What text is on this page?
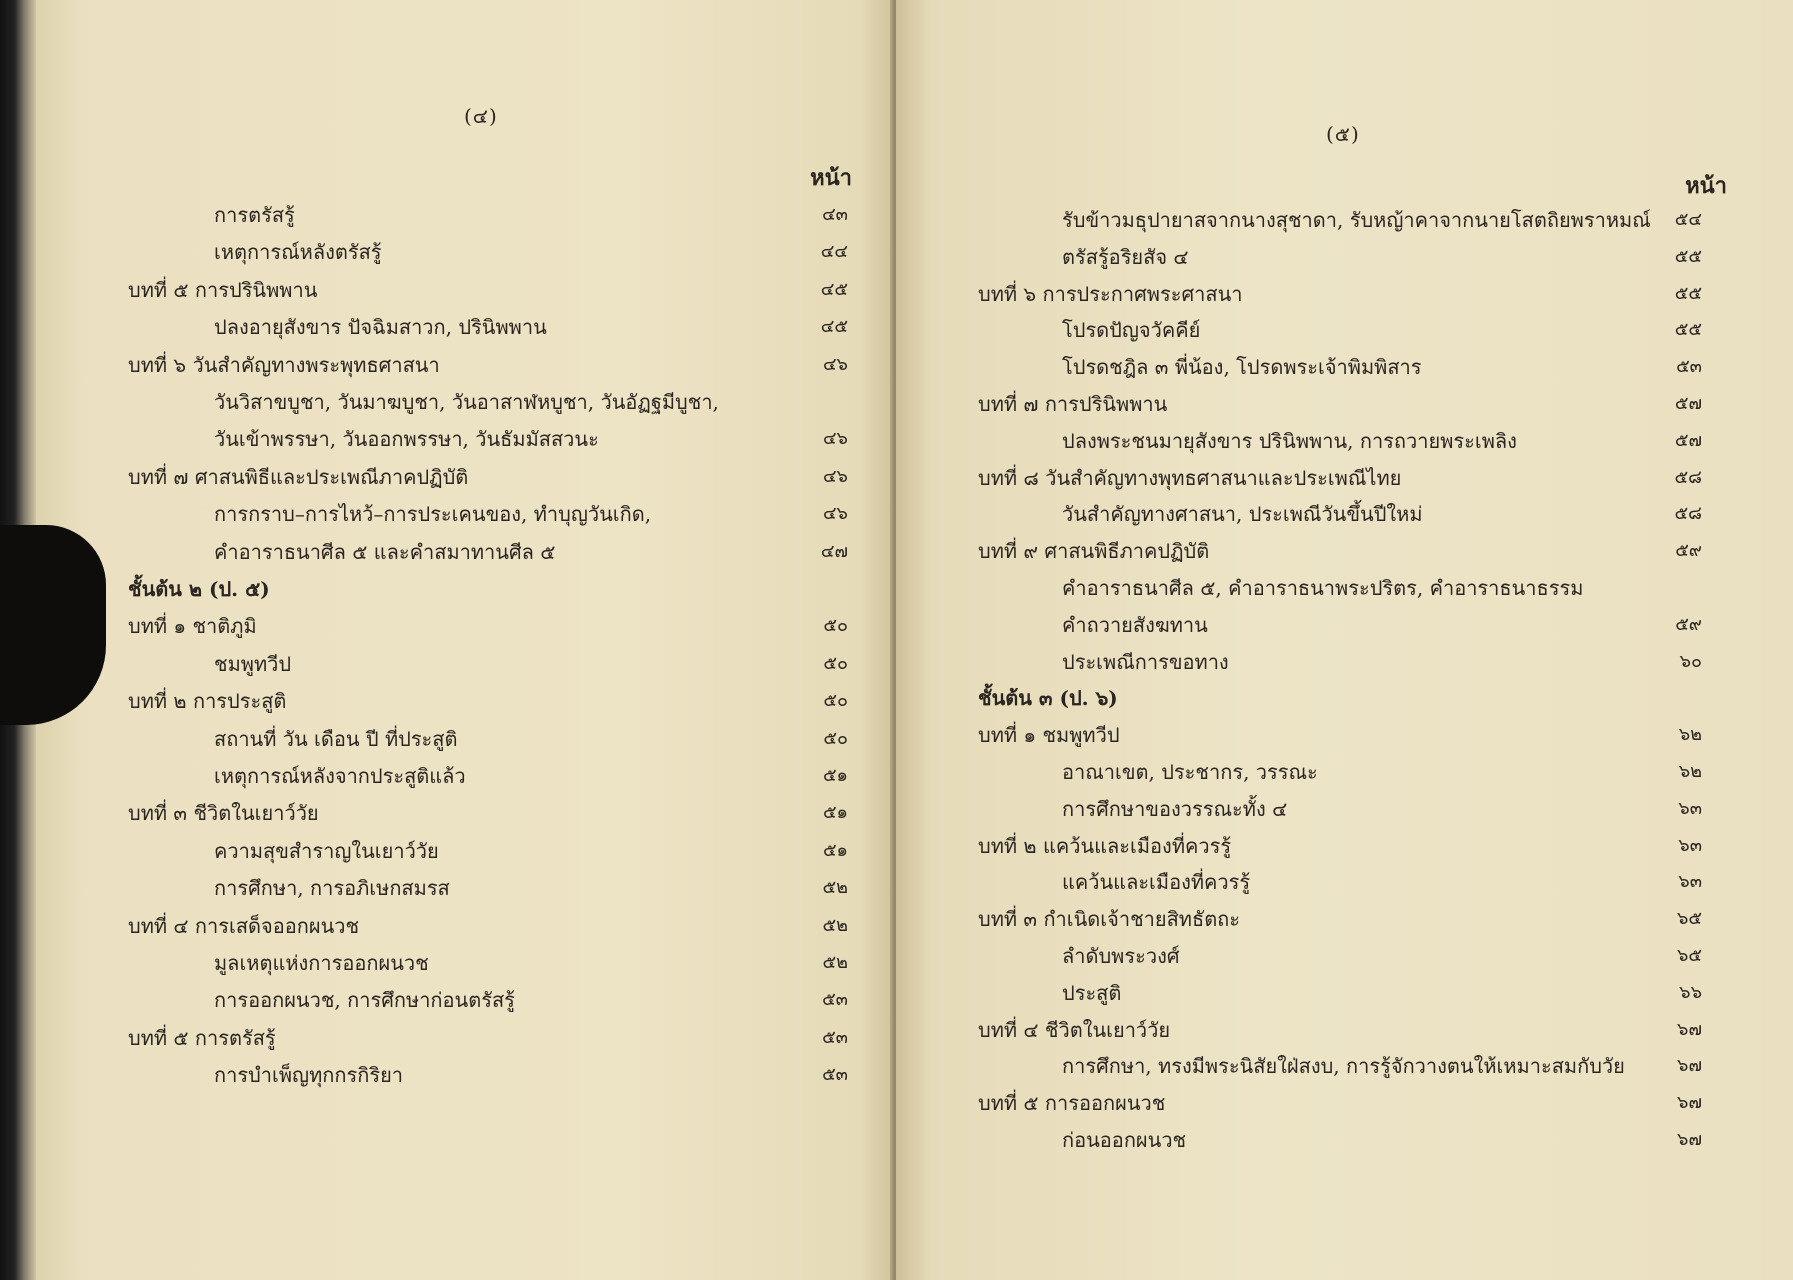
(๔)
หน้า
การตรัสรู้	๔๓
เหตุการณ์หลังตรัสรู้	๔๔
บทที่ ๕ การปรินิพพาน	๔๕
ปลงอายุสังขาร ปัจฉิมสาวก, ปรินิพพาน	๔๕
บทที่ ๖ วันสำคัญทางพระพุทธศาสนา	๔๖
วันวิสาขบูชา, วันมาฆบูชา, วันอาสาฬหบูชา, วันอัฏฐมีบูชา,
วันเข้าพรรษา, วันออกพรรษา, วันธัมมัสสวนะ	๔๖
บทที่ ๗ ศาสนพิธีและประเพณีภาคปฏิบัติ	๔๖
การกราบ–การไหว้–การประเคนของ, ทำบุญวันเกิด,	๔๖
คำอาราธนาศีล ๕ และคำสมาทานศีล ๕	๔๗
ชั้นต้น ๒ (ป. ๕)
บทที่ ๑ ชาติภูมิ	๕๐
ชมพูทวีป	๕๐
บทที่ ๒ การประสูติ	๕๐
สถานที่ วัน เดือน ปี ที่ประสูติ	๕๐
เหตุการณ์หลังจากประสูติแล้ว	๕๑
บทที่ ๓ ชีวิตในเยาว์วัย	๕๑
ความสุขสำราญในเยาว์วัย	๕๑
การศึกษา, การอภิเษกสมรส	๕๒
บทที่ ๔ การเสด็จออกผนวช	๕๒
มูลเหตุแห่งการออกผนวช	๕๒
การออกผนวช, การศึกษาก่อนตรัสรู้	๕๓
บทที่ ๕ การตรัสรู้	๕๓
การบำเพ็ญทุกกรกิริยา	๕๓
(๕)
หน้า
รับข้าวมธุปายาสจากนางสุชาดา, รับหญ้าคาจากนายโสตถิยพราหมณ์ ๕๔
ตรัสรู้อริยสัจ ๔	๕๕
บทที่ ๖ การประกาศพระศาสนา	๕๕
โปรดปัญจวัคคีย์	๕๕
โปรดชฎิล ๓ พี่น้อง, โปรดพระเจ้าพิมพิสาร	๕๓
บทที่ ๗ การปรินิพพาน	๕๗
ปลงพระชนมายุสังขาร ปรินิพพาน, การถวายพระเพลิง	๕๗
บทที่ ๘ วันสำคัญทางพุทธศาสนาและประเพณีไทย	๕๘
วันสำคัญทางศาสนา, ประเพณีวันขึ้นปีใหม่	๕๘
บทที่ ๙ ศาสนพิธีภาคปฏิบัติ	๕๙
คำอาราธนาศีล ๕, คำอาราธนาพระปริตร, คำอาราธนาธรรม
คำถวายสังฆทาน	๕๙
ประเพณีการขอทาง	๖๐
ชั้นต้น ๓ (ป. ๖)
บทที่ ๑ ชมพูทวีป	๖๒
อาณาเขต, ประชากร, วรรณะ	๖๒
การศึกษาของวรรณะทั้ง ๔	๖๓
บทที่ ๒ แคว้นและเมืองที่ควรรู้	๖๓
แคว้นและเมืองที่ควรรู้	๖๓
บทที่ ๓ กำเนิดเจ้าชายสิทธัตถะ	๖๕
ลำดับพระวงศ์	๖๕
ประสูติ	๖๖
บทที่ ๔ ชีวิตในเยาว์วัย	๖๗
การศึกษา, ทรงมีพระนิสัยใฝ่สงบ, การรู้จักวางตนให้เหมาะสมกับวัย	๖๗
บทที่ ๕ การออกผนวช	๖๗
ก่อนออกผนวช	๖๗
